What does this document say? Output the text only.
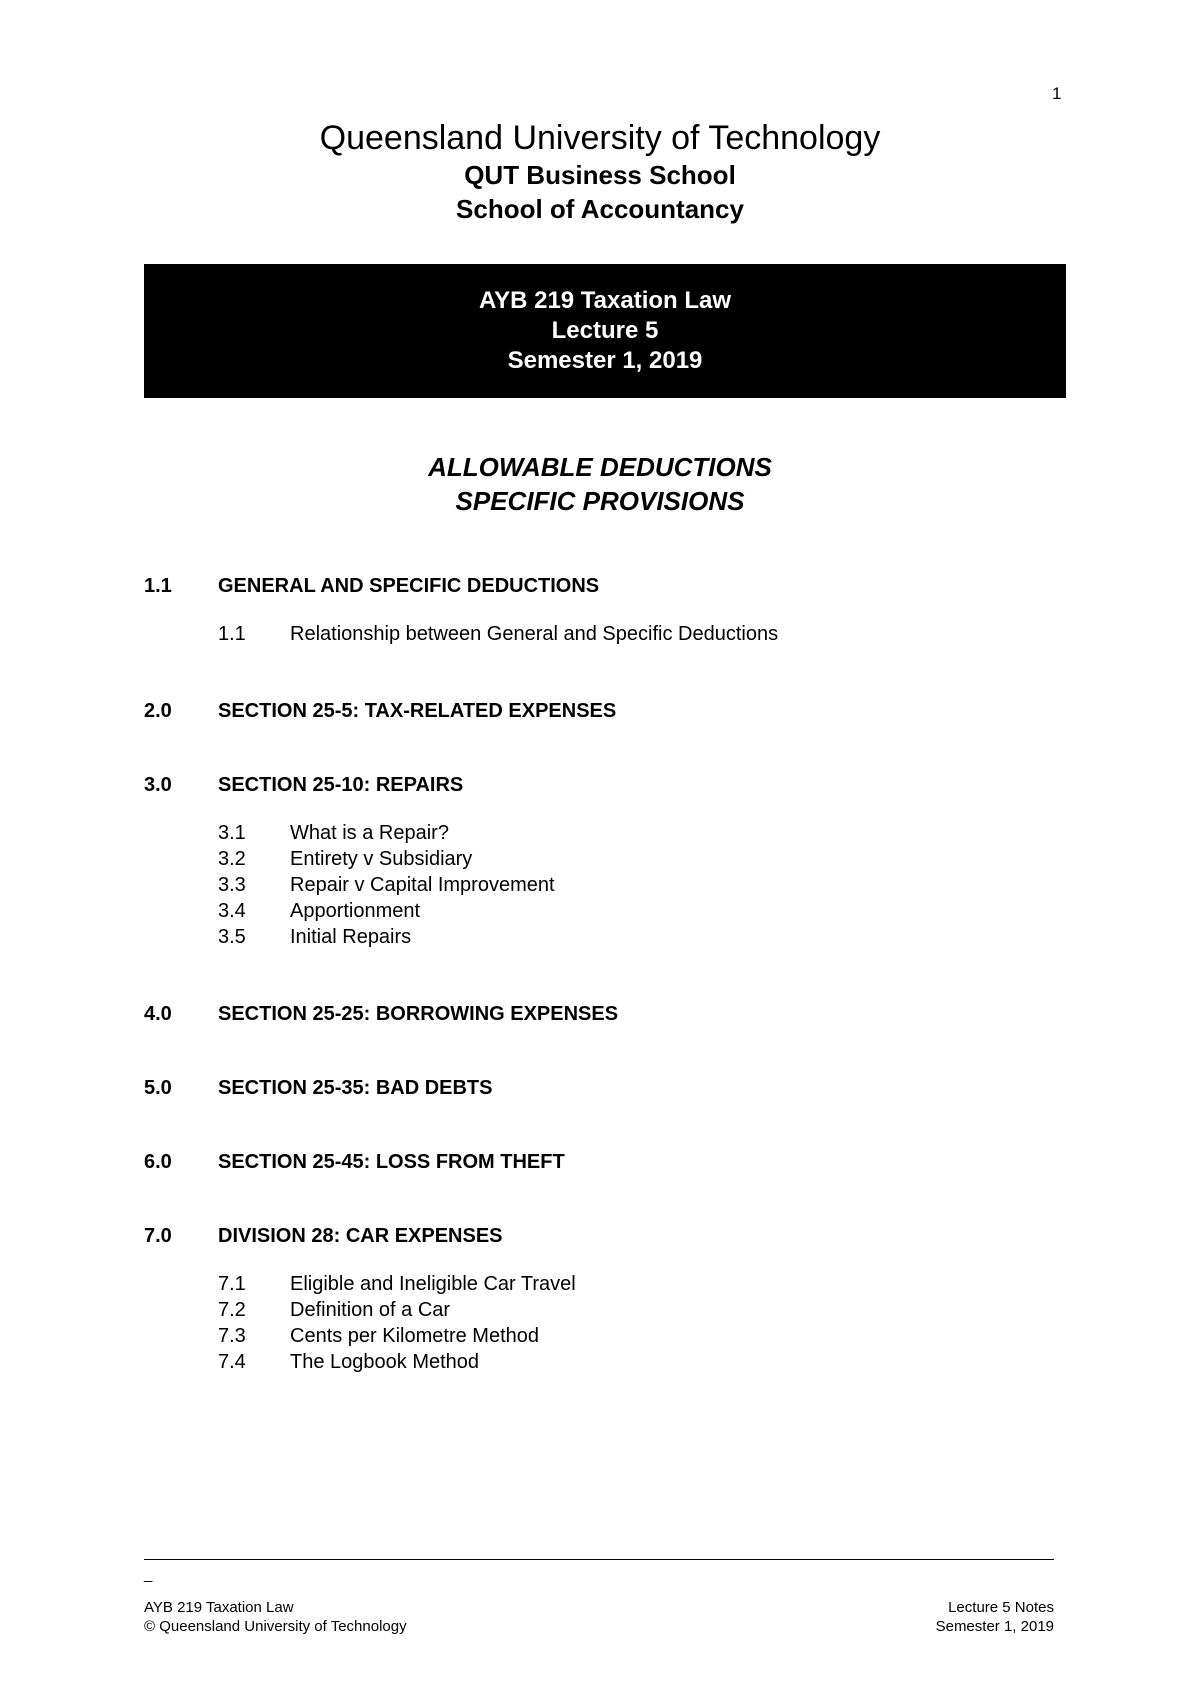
1
Queensland University of Technology
QUT Business School
School of Accountancy
AYB 219 Taxation Law
Lecture 5
Semester 1, 2019
ALLOWABLE DEDUCTIONS
SPECIFIC PROVISIONS
1.1	GENERAL AND SPECIFIC DEDUCTIONS
1.1	Relationship between General and Specific Deductions
2.0	SECTION 25-5: TAX-RELATED EXPENSES
3.0	SECTION 25-10: REPAIRS
3.1	What is a Repair?
3.2	Entirety v Subsidiary
3.3	Repair v Capital Improvement
3.4	Apportionment
3.5	Initial Repairs
4.0	SECTION 25-25: BORROWING EXPENSES
5.0	SECTION 25-35: BAD DEBTS
6.0	SECTION 25-45: LOSS FROM THEFT
7.0	DIVISION 28: CAR EXPENSES
7.1	Eligible and Ineligible Car Travel
7.2	Definition of a Car
7.3	Cents per Kilometre Method
7.4	The Logbook Method
_
AYB 219 Taxation Law
© Queensland University of Technology
Lecture 5 Notes
Semester 1, 2019
